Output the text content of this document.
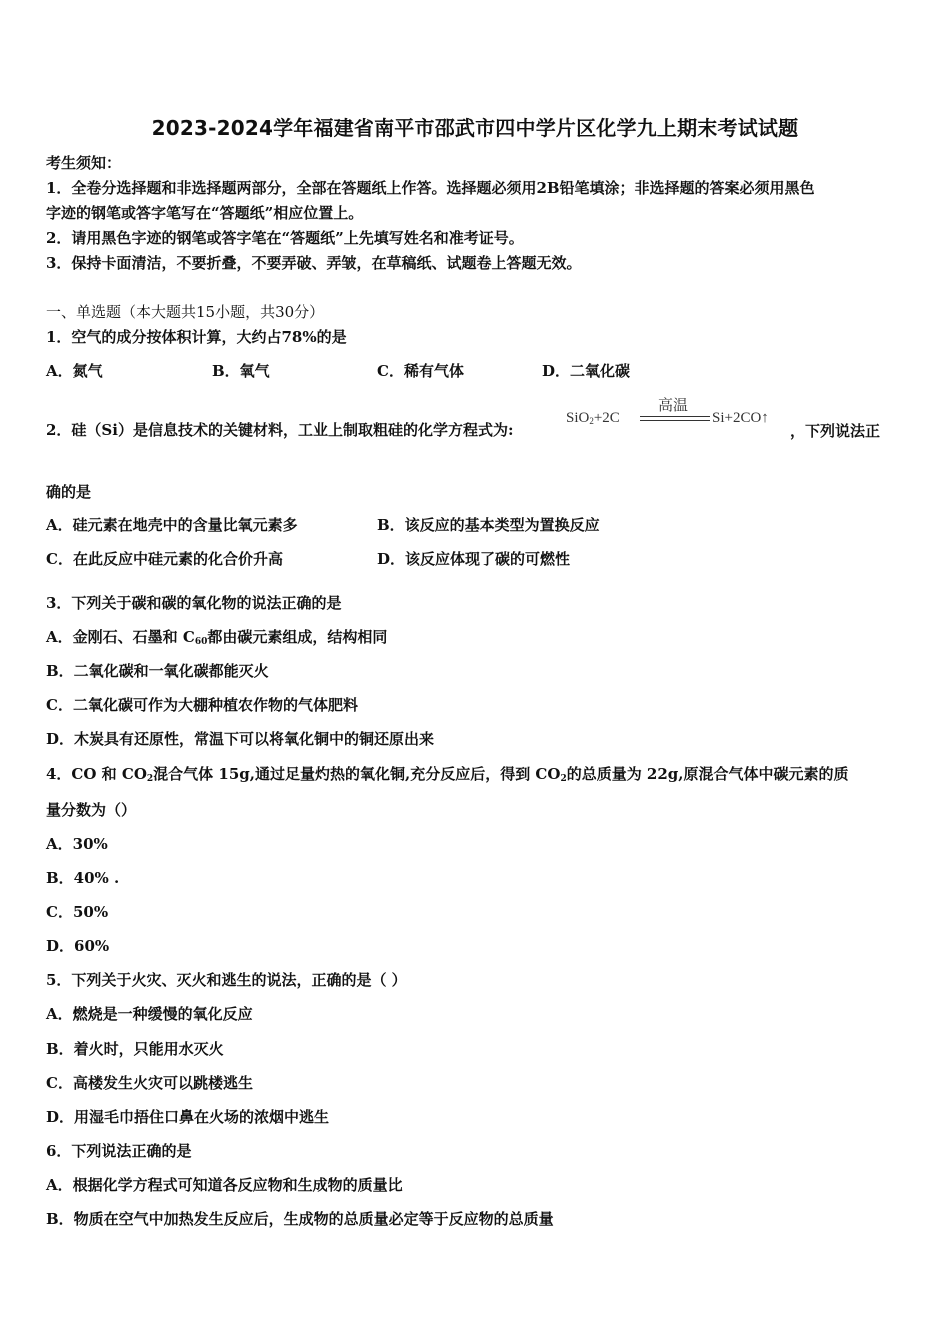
2023-2024学年福建省南平市邵武市四中学片区化学九上期末考试试题
考生须知：
1．全卷分选择题和非选择题两部分，全部在答题纸上作答。选择题必须用2B铅笔填涂；非选择题的答案必须用黑色
字迹的钢笔或答字笔写在“答题纸”相应位置上。
2．请用黑色字迹的钢笔或答字笔在“答题纸”上先填写姓名和准考证号。
3．保持卡面清洁，不要折叠，不要弄破、弄皱，在草稿纸、试题卷上答题无效。
一、单选题（本大题共15小题，共30分）
1．空气的成分按体积计算，大约占78%的是
A．氮气	B．氧气	C．稀有气体	D．二氧化碳
2．硅（Si）是信息技术的关键材料，工业上制取粗硅的化学方程式为:
SiO$_2$+2C
高温
Si+2CO↑
，下列说法正
确的是
A．硅元素在地壳中的含量比氧元素多	B．该反应的基本类型为置换反应
C．在此反应中硅元素的化合价升高	D．该反应体现了碳的可燃性
3．下列关于碳和碳的氧化物的说法正确的是
A．金刚石、石墨和 $C_{60}$都由碳元素组成，结构相同
B．二氧化碳和一氧化碳都能灭火
C．二氧化碳可作为大棚种植农作物的气体肥料
D．木炭具有还原性，常温下可以将氧化铜中的铜还原出来
4．CO 和 $CO_2$混合气体 15g,通过足量灼热的氧化铜,充分反应后，得到 $CO_2$的总质量为 22g,原混合气体中碳元素的质
量分数为（）
A．30%
B．40% .
C．50%
D．60%
5．下列关于火灾、灭火和逃生的说法，正确的是（ ）
A．燃烧是一种缓慢的氧化反应
B．着火时，只能用水灭火
C．高楼发生火灾可以跳楼逃生
D．用湿毛巾捂住口鼻在火场的浓烟中逃生
6．下列说法正确的是
A．根据化学方程式可知道各反应物和生成物的质量比
B．物质在空气中加热发生反应后，生成物的总质量必定等于反应物的总质量
